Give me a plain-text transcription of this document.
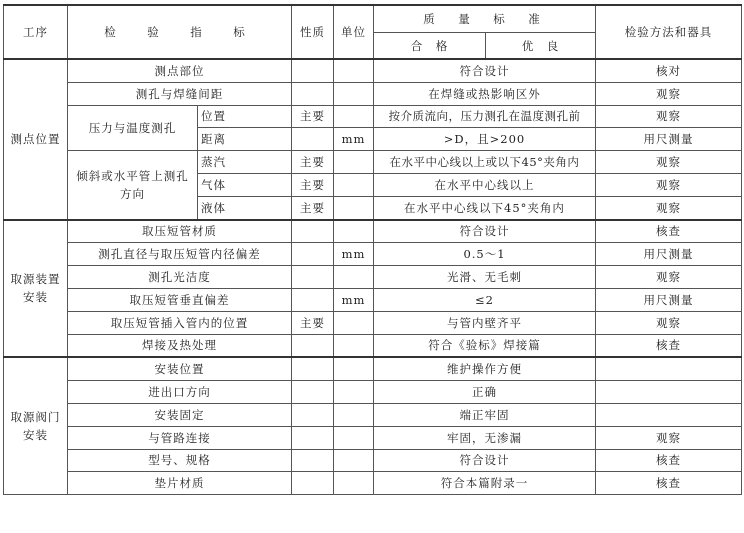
工序	检　验　指　标		性质	单位	质　量　标　准		检验方法和器具
					合　格	优　良	
测点位置	测点部位				符合设计		核对
	测孔与焊缝间距				在焊缝或热影响区外		观察
	压力与温度测孔	位置	主要		按介质流向，压力测孔在温度测孔前		观察
		距离		mm	>D，且>200		用尺测量
	倾斜或水平管上测孔方向	蒸汽	主要		在水平中心线以上或以下45°夹角内		观察
		气体	主要		在水平中心线以上		观察
		液体	主要		在水平中心线以下45°夹角内		观察
取源装置安装	取压短管材质				符合设计		核查
	测孔直径与取压短管内径偏差			mm	0.5～1		用尺测量
	测孔光洁度				光滑、无毛刺		观察
	取压短管垂直偏差			mm	≤2		用尺测量
	取压短管插入管内的位置		主要		与管内壁齐平		观察
	焊接及热处理				符合《验标》焊接篇		核查
取源阀门安装	安装位置				维护操作方便		
	进出口方向				正确		
	安装固定				端正牢固		
	与管路连接				牢固，无渗漏		观察
	型号、规格				符合设计		核查
	垫片材质				符合本篇附录一		核查
